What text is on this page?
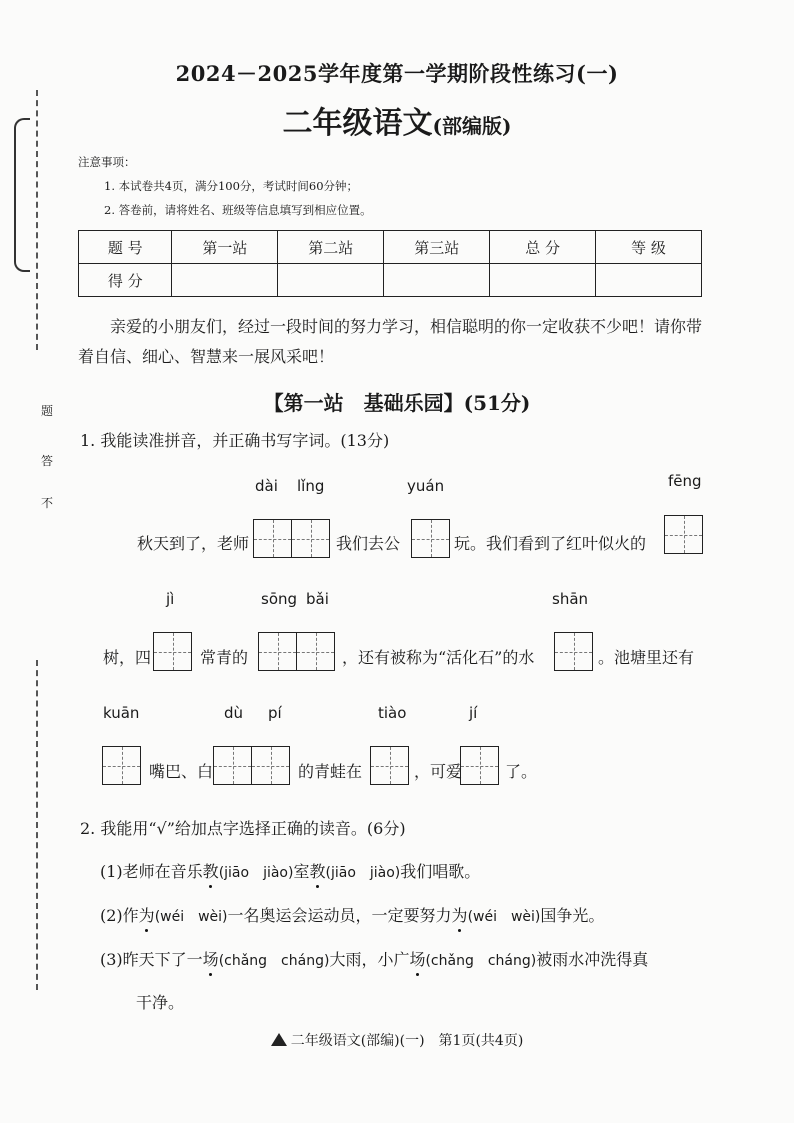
题
答
不
2024－2025学年度第一学期阶段性练习(一)
二年级语文(部编版)
注意事项：
1. 本试卷共4页，满分100分，考试时间60分钟；
2. 答卷前，请将姓名、班级等信息填写到相应位置。
题 号	第一站	第二站	第三站	总 分	等 级
得 分					
亲爱的小朋友们，经过一段时间的努力学习，相信聪明的你一定收获不少吧！请你带着自信、细心、智慧来一展风采吧！
【第一站　基础乐园】(51分)
1. 我能读准拼音，并正确书写字词。(13分)
dài lǐng	yuán	fēng
秋天到了，老师	我们去公	玩。我们看到了红叶似火的
jì	sōng bǎi	shān
树，四	常青的	，还有被称为“活化石”的水	。池塘里还有
kuān	dù pí	tiào	jí
嘴巴、白	的青蛙在	，可爱	了。
2. 我能用“√”给加点字选择正确的读音。(6分)
(1)老师在音乐教(jiāo　jiào)室教(jiāo　jiào)我们唱歌。
(2)作为(wéi　wèi)一名奥运会运动员，一定要努力为(wéi　wèi)国争光。
(3)昨天下了一场(chǎng　cháng)大雨，小广场(chǎng　cháng)被雨水冲洗得真
干净。
二年级语文(部编)(一)　第1页(共4页)
